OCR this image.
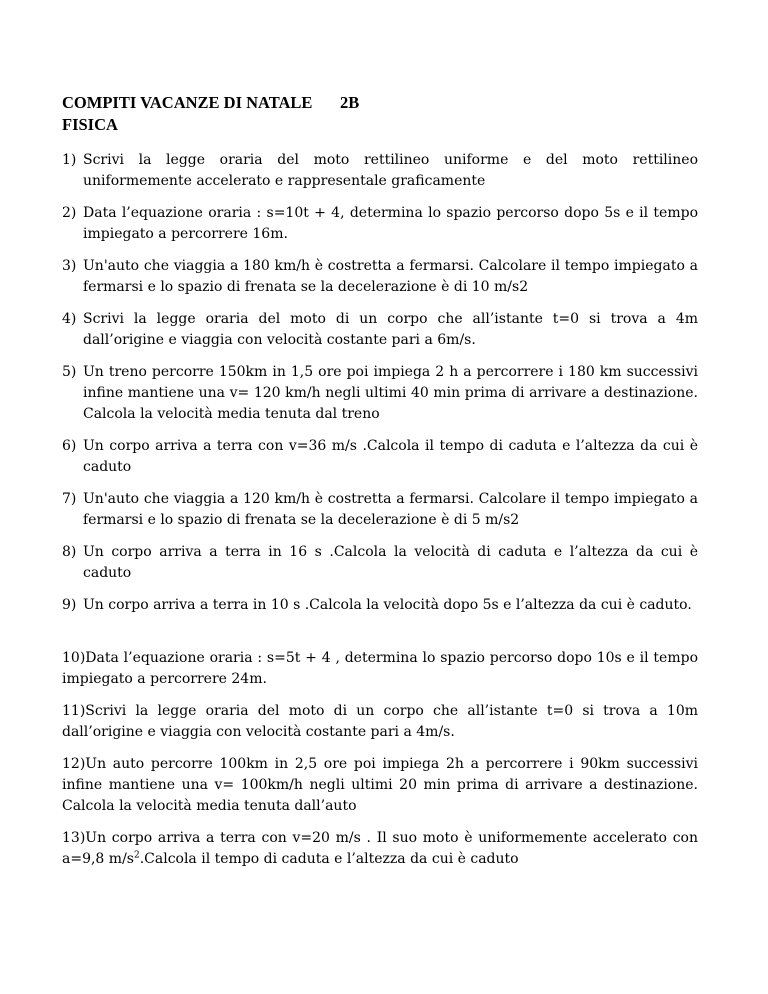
COMPITI VACANZE DI NATALE 2B
FISICA
1) Scrivi la legge oraria del moto rettilineo uniforme e del moto rettilineo uniformemente accelerato e rappresentale graficamente
2) Data l’equazione oraria : s=10t + 4, determina lo spazio percorso dopo 5s e il tempo impiegato a percorrere 16m.
3) Un'auto che viaggia a 180 km/h è costretta a fermarsi. Calcolare il tempo impiegato a fermarsi e lo spazio di frenata se la decelerazione è di 10 m/s2
4) Scrivi la legge oraria del moto di un corpo che all’istante t=0 si trova a 4m dall’origine e viaggia con velocità costante pari a 6m/s.
5) Un treno percorre 150km in 1,5 ore poi impiega 2 h a percorrere i 180 km successivi infine mantiene una v= 120 km/h negli ultimi 40 min prima di arrivare a destinazione. Calcola la velocità media tenuta dal treno
6) Un corpo arriva a terra con v=36 m/s .Calcola il tempo di caduta e l’altezza da cui è caduto
7) Un'auto che viaggia a 120 km/h è costretta a fermarsi. Calcolare il tempo impiegato a fermarsi e lo spazio di frenata se la decelerazione è di 5 m/s2
8) Un corpo arriva a terra in 16 s .Calcola la velocità di caduta e l’altezza da cui è caduto
9) Un corpo arriva a terra in 10 s .Calcola la velocità dopo 5s e l’altezza da cui è caduto.
10)Data l’equazione oraria : s=5t + 4 , determina lo spazio percorso dopo 10s e il tempo impiegato a percorrere 24m.
11)Scrivi la legge oraria del moto di un corpo che all’istante t=0 si trova a 10m dall’origine e viaggia con velocità costante pari a 4m/s.
12)Un auto percorre 100km in 2,5 ore poi impiega 2h a percorrere i 90km successivi infine mantiene una v= 100km/h negli ultimi 20 min prima di arrivare a destinazione. Calcola la velocità media tenuta dall’auto
13)Un corpo arriva a terra con v=20 m/s . Il suo moto è uniformemente accelerato con a=9,8 $m/s^2.Calcola$ il tempo di caduta e l’altezza da cui è caduto
